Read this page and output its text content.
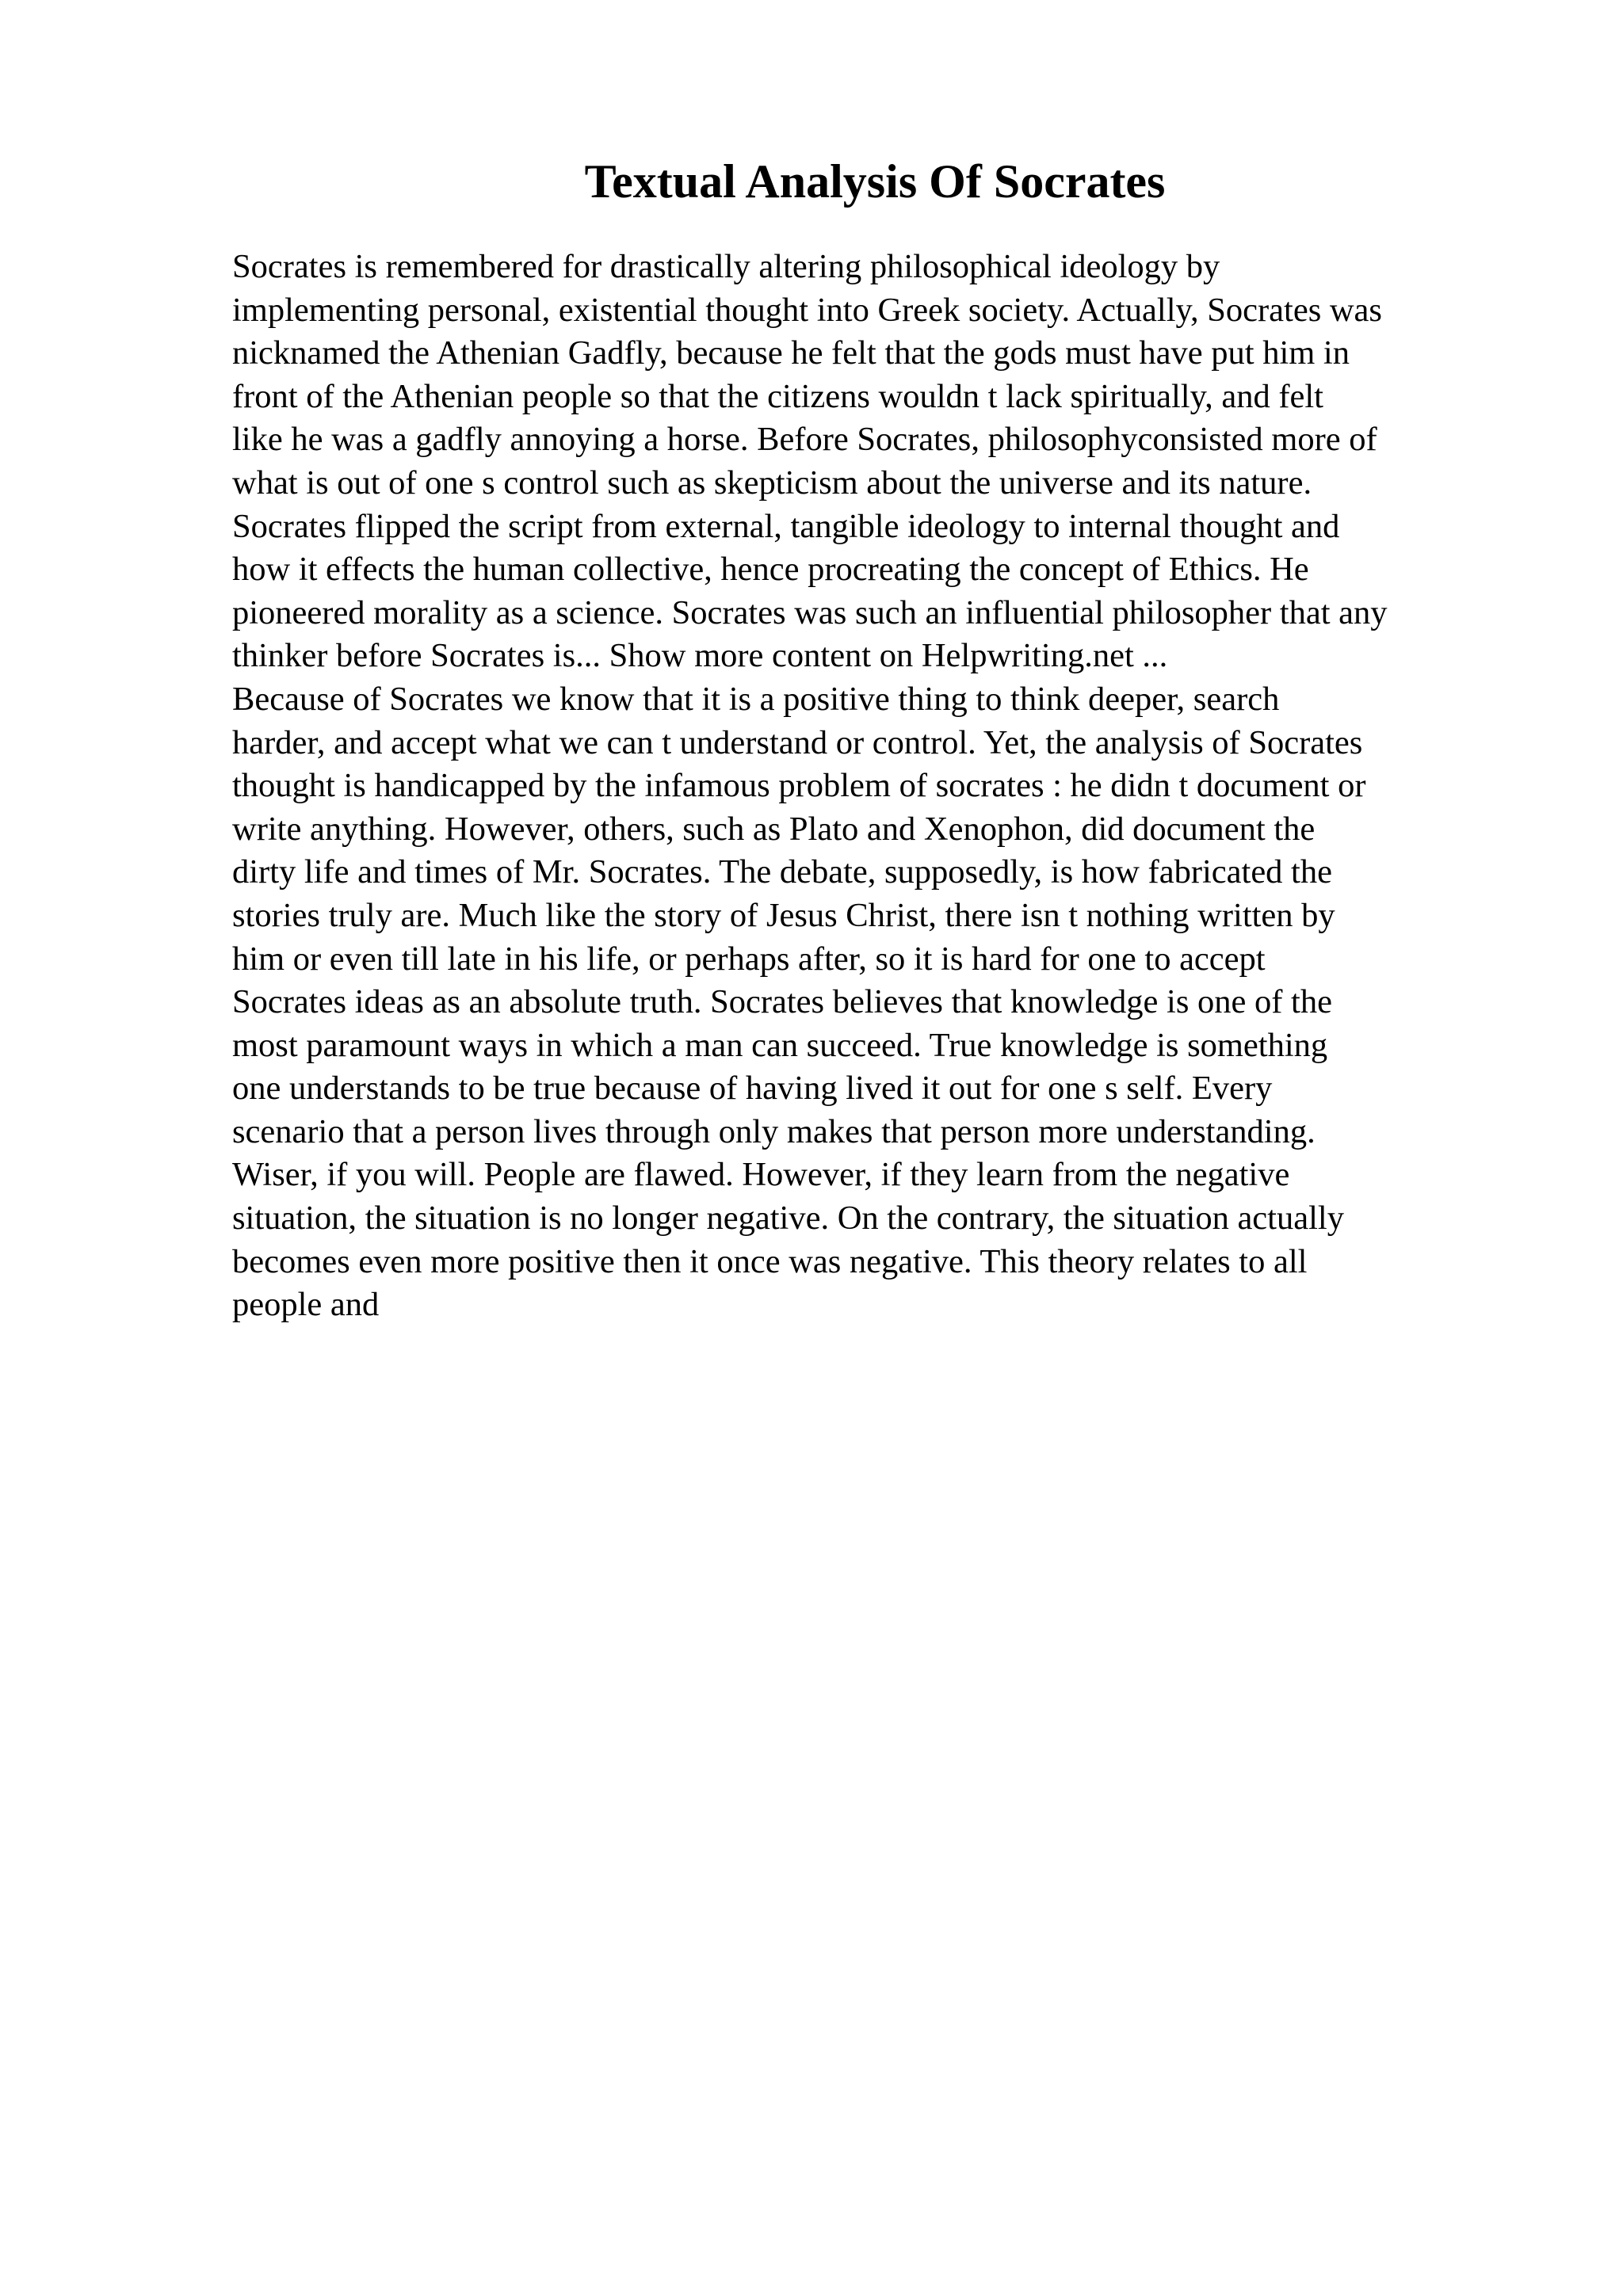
Textual Analysis Of Socrates
Socrates is remembered for drastically altering philosophical ideology by
implementing personal, existential thought into Greek society. Actually, Socrates was
nicknamed the Athenian Gadfly, because he felt that the gods must have put him in
front of the Athenian people so that the citizens wouldn t lack spiritually, and felt
like he was a gadfly annoying a horse. Before Socrates, philosophyconsisted more of
what is out of one s control such as skepticism about the universe and its nature.
Socrates flipped the script from external, tangible ideology to internal thought and
how it effects the human collective, hence procreating the concept of Ethics. He
pioneered morality as a science. Socrates was such an influential philosopher that any
thinker before Socrates is... Show more content on Helpwriting.net ...
Because of Socrates we know that it is a positive thing to think deeper, search
harder, and accept what we can t understand or control. Yet, the analysis of Socrates
thought is handicapped by the infamous problem of socrates : he didn t document or
write anything. However, others, such as Plato and Xenophon, did document the
dirty life and times of Mr. Socrates. The debate, supposedly, is how fabricated the
stories truly are. Much like the story of Jesus Christ, there isn t nothing written by
him or even till late in his life, or perhaps after, so it is hard for one to accept
Socrates ideas as an absolute truth. Socrates believes that knowledge is one of the
most paramount ways in which a man can succeed. True knowledge is something
one understands to be true because of having lived it out for one s self. Every
scenario that a person lives through only makes that person more understanding.
Wiser, if you will. People are flawed. However, if they learn from the negative
situation, the situation is no longer negative. On the contrary, the situation actually
becomes even more positive then it once was negative. This theory relates to all
people and
